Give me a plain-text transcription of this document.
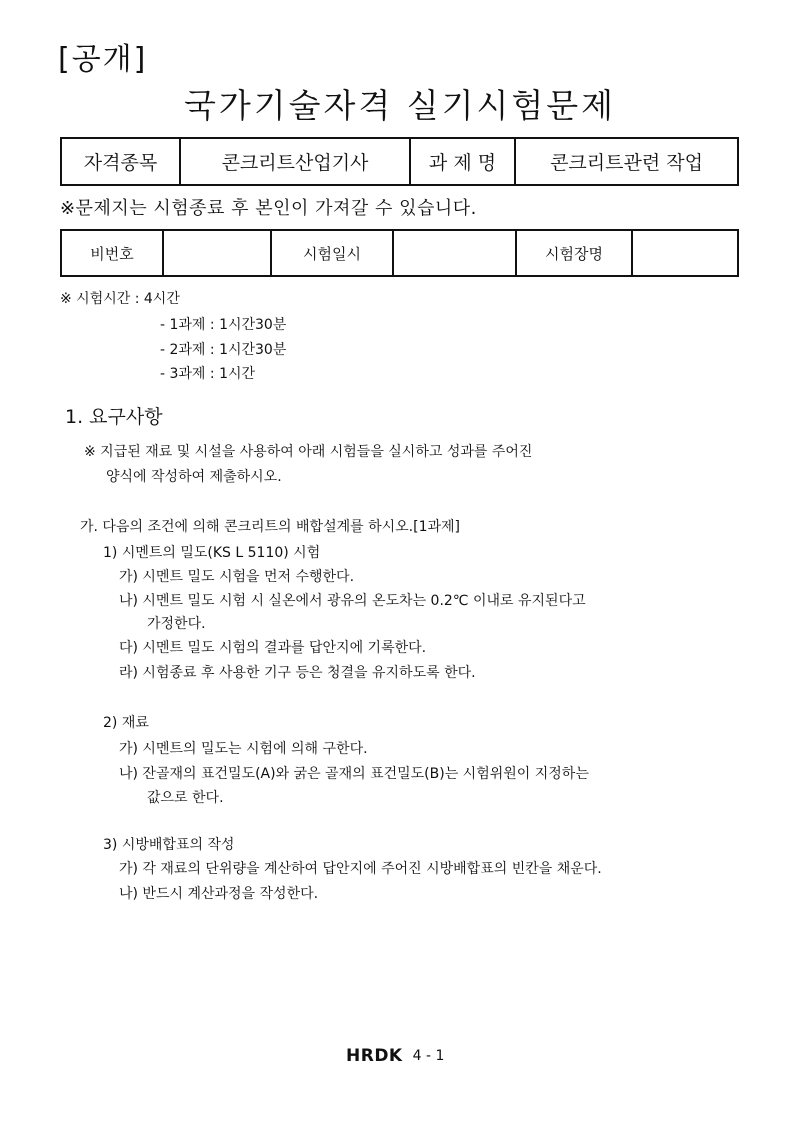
[공개]
국가기술자격 실기시험문제
자격종목	콘크리트산업기사	과 제 명	콘크리트관련 작업
※문제지는 시험종료 후 본인이 가져갈 수 있습니다.
비번호		시험일시		시험장명	
※ 시험시간 : 4시간
- 1과제 : 1시간30분
- 2과제 : 1시간30분
- 3과제 : 1시간
1. 요구사항
※ 지급된 재료 및 시설을 사용하여 아래 시험들을 실시하고 성과를 주어진
양식에 작성하여 제출하시오.
가. 다음의 조건에 의해 콘크리트의 배합설계를 하시오.[1과제]
1) 시멘트의 밀도(KS L 5110) 시험
가) 시멘트 밀도 시험을 먼저 수행한다.
나) 시멘트 밀도 시험 시 실온에서 광유의 온도차는 0.2℃ 이내로 유지된다고
가정한다.
다) 시멘트 밀도 시험의 결과를 답안지에 기록한다.
라) 시험종료 후 사용한 기구 등은 청결을 유지하도록 한다.
2) 재료
가) 시멘트의 밀도는 시험에 의해 구한다.
나) 잔골재의 표건밀도(A)와 굵은 골재의 표건밀도(B)는 시험위원이 지정하는
값으로 한다.
3) 시방배합표의 작성
가) 각 재료의 단위량을 계산하여 답안지에 주어진 시방배합표의 빈칸을 채운다.
나) 반드시 계산과정을 작성한다.
HRDK 4 - 1
